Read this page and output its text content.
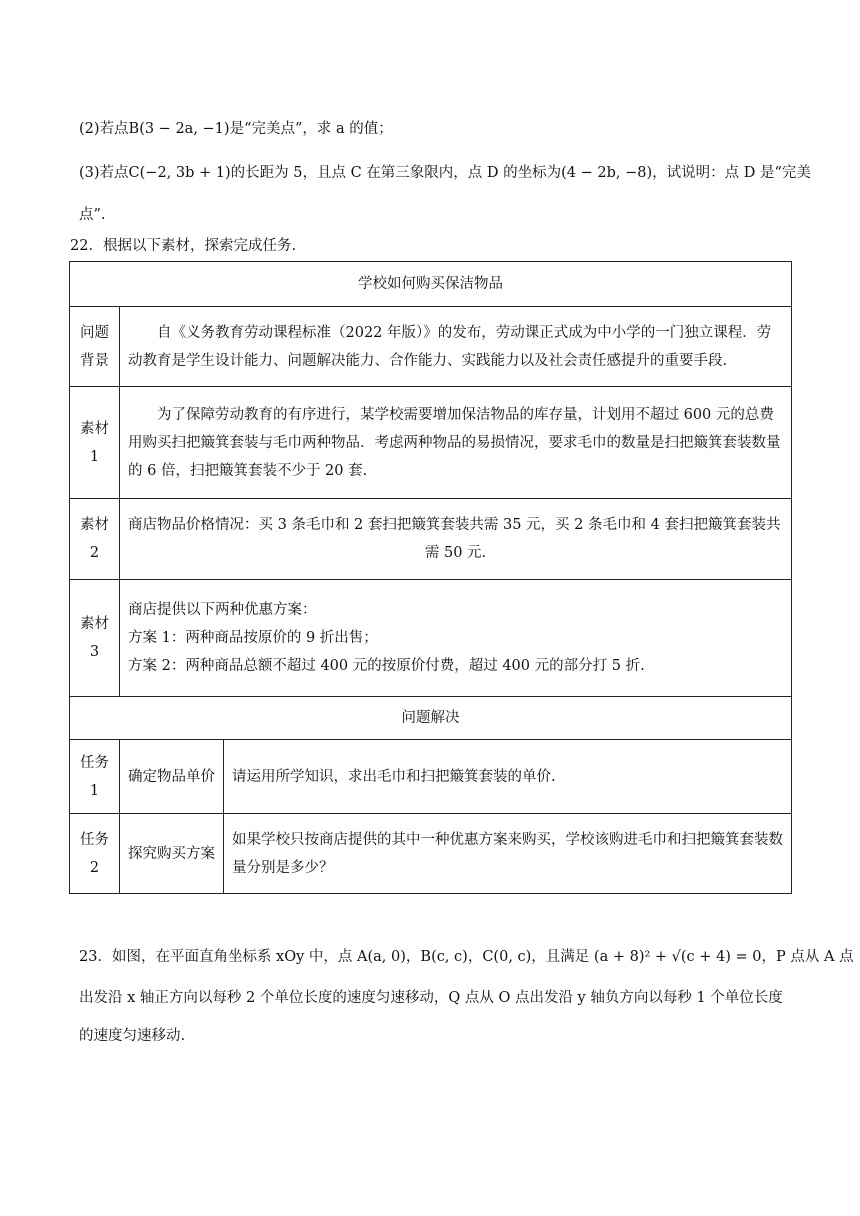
(2)若点B(3 − 2a, −1)是“完美点”，求 a 的值；
(3)若点C(−2, 3b + 1)的长距为 5，且点 C 在第三象限内，点 D 的坐标为(4 − 2b, −8)，试说明：点 D 是“完美
点”.
22．根据以下素材，探索完成任务.
学校如何购买保洁物品		
问题背景	自《义务教育劳动课程标准（2022 年版）》的发布，劳动课正式成为中小学的一门独立课程．劳动教育是学生设计能力、问题解决能力、合作能力、实践能力以及社会责任感提升的重要手段.	
素材1	为了保障劳动教育的有序进行，某学校需要增加保洁物品的库存量，计划用不超过 600 元的总费用购买扫把簸箕套装与毛巾两种物品．考虑两种物品的易损情况，要求毛巾的数量是扫把簸箕套装数量的 6 倍，扫把簸箕套装不少于 20 套.	
素材2	商店物品价格情况：买 3 条毛巾和 2 套扫把簸箕套装共需 35 元，买 2 条毛巾和 4 套扫把簸箕套装共
需 50 元.	

素材3	商店提供以下两种优惠方案：
方案 1：两种商品按原价的 9 折出售；
方案 2：两种商品总额不超过 400 元的按原价付费，超过 400 元的部分打 5 折.	

问题解决		
任务1	确定物品单价	请运用所学知识，求出毛巾和扫把簸箕套装的单价.
任务2	探究购买方案	如果学校只按商店提供的其中一种优惠方案来购买，学校该购进毛巾和扫把簸箕套装数量分别是多少？
23．如图，在平面直角坐标系 xOy 中，点 A(a, 0)，B(c, c)，C(0, c)，且满足 (a + 8)² + √(c + 4) = 0，P 点从 A 点
出发沿 x 轴正方向以每秒 2 个单位长度的速度匀速移动，Q 点从 O 点出发沿 y 轴负方向以每秒 1 个单位长度
的速度匀速移动.
